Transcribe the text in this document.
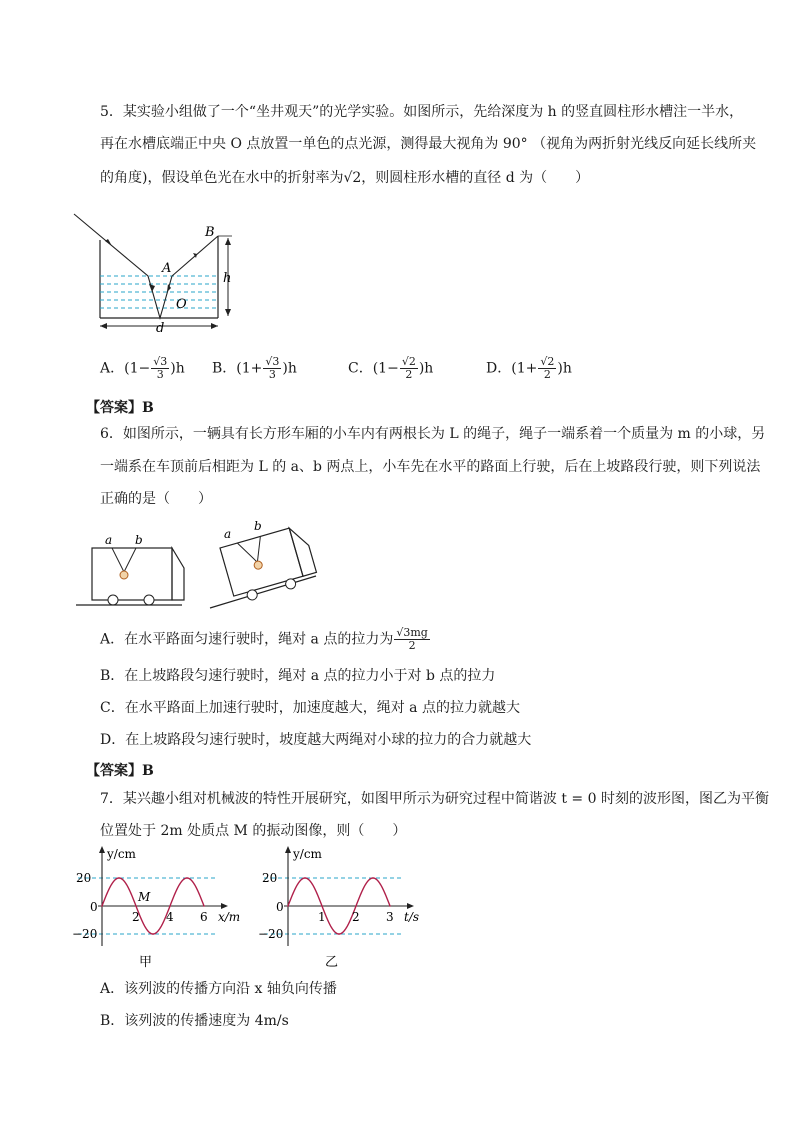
5．某实验小组做了一个“坐井观天”的光学实验。如图所示，先给深度为 h 的竖直圆柱形水槽注一半水，
再在水槽底端正中央 O 点放置一单色的点光源，测得最大视角为 90° （视角为两折射光线反向延长线所夹
的角度)，假设单色光在水中的折射率为√2，则圆柱形水槽的直径 d 为（　　）
B
A
O
h
d
A．$(1- \frac{√3}{3} )h$ B．$(1+ \frac{√3}{3} )h$	C．$(1- \frac{√2}{2} )h$	D．$(1+ \frac{√2}{2} )h$
【答案】B
6．如图所示，一辆具有长方形车厢的小车内有两根长为 L 的绳子，绳子一端系着一个质量为 m 的小球，另
一端系在车顶前后相距为 L 的 a、b 两点上，小车先在水平的路面上行驶，后在上坡路段行驶，则下列说法
正确的是（　　）
a b	a
b
A．在水平路面匀速行驶时，绳对 a 点的拉力为 $\frac{√3mg}{2}$
B．在上坡路段匀速行驶时，绳对 a 点的拉力小于对 b 点的拉力
C．在水平路面上加速行驶时，加速度越大，绳对 a 点的拉力就越大
D．在上坡路段匀速行驶时，坡度越大两绳对小球的拉力的合力就越大
【答案】B
7．某兴趣小组对机械波的特性开展研究，如图甲所示为研究过程中简谐波 t = 0 时刻的波形图，图乙为平衡
位置处于 2m 处质点 M 的振动图像，则（　　）
20
0
−20
2 4 6
y/cm
x/m
M
甲
20
0
−20
1 2 3
y/cm
t/s
乙
A．该列波的传播方向沿 x 轴负向传播
B．该列波的传播速度为 4m/s
